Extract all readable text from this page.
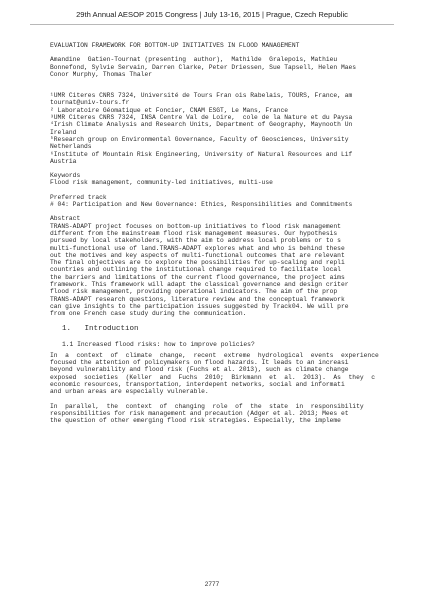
29th Annual AESOP 2015 Congress | July 13-16, 2015 | Prague, Czech Republic
EVALUATION FRAMEWORK FOR BOTTOM-UP INITIATIVES IN FLOOD MANAGEMENT
Amandine  Gatien-Tournat (presenting  author),  Mathilde  Gralepois, Mathieu
Bonnefond, Sylvie Servain, Darren Clarke, Peter Driessen, Sue Tapsell, Helen Maes
Conor Murphy, Thomas Thaler
¹UMR Citeres CNRS 7324, Université de Tours Fran ois Rabelais, TOURS, France, am
tournat@univ-tours.fr
² Laboratoire Géomatique et Foncier, CNAM ESGT, Le Mans, France
³UMR Citeres CNRS 7324, INSA Centre Val de Loire,  cole de la Nature et du Paysa
⁴Irish Climate Analysis and Research Units, Department of Geography, Maynooth Un
Ireland
⁵Research group on Environmental Governance, Faculty of Geosciences, University
Netherlands
⁶Institute of Mountain Risk Engineering, University of Natural Resources and Lif
Austria
Keywords
Flood risk management, community-led initiatives, multi-use
Preferred track
# 04: Participation and New Governance: Ethics, Responsibilities and Commitments
Abstract
TRANS-ADAPT project focuses on bottom-up initiatives to flood risk management
different from the mainstream flood risk management measures. Our hypothesis
pursued by local stakeholders, with the aim to address local problems or to s
multi-functional use of land.TRANS-ADAPT explores what and who is behind these
out the motives and key aspects of multi-functional outcomes that are relevant
The final objectives are to explore the possibilities for up-scaling and repli
countries and outlining the institutional change required to facilitate local
the barriers and limitations of the current flood governance, the project aims
framework. This framework will adapt the classical governance and design criter
flood risk management, providing operational indicators. The aim of the prop
TRANS-ADAPT research questions, literature review and the conceptual framework
can give insights to the participation issues suggested by Track04. We will pre
from one French case study during the communication.
1. Introduction
1.1 Increased flood risks: how to improve policies?
In  a  context  of  climate  change,  recent  extreme  hydrological  events  experience
focused the attention of policymakers on flood hazards. It leads to an increasi
beyond vulnerability and flood risk (Fuchs et al. 2013), such as climate change
exposed  societies  (Keller  and  Fuchs  2010;  Birkmann  et  al.  2013).  As  they  c
economic resources, transportation, interdepent networks, social and informati
and urban areas are especially vulnerable.
In  parallel,  the  context  of  changing  role  of  the  state  in  responsibility
responsibilities for risk management and precaution (Adger et al. 2013; Mees et
the question of other emerging flood risk strategies. Especially, the impleme
2777
